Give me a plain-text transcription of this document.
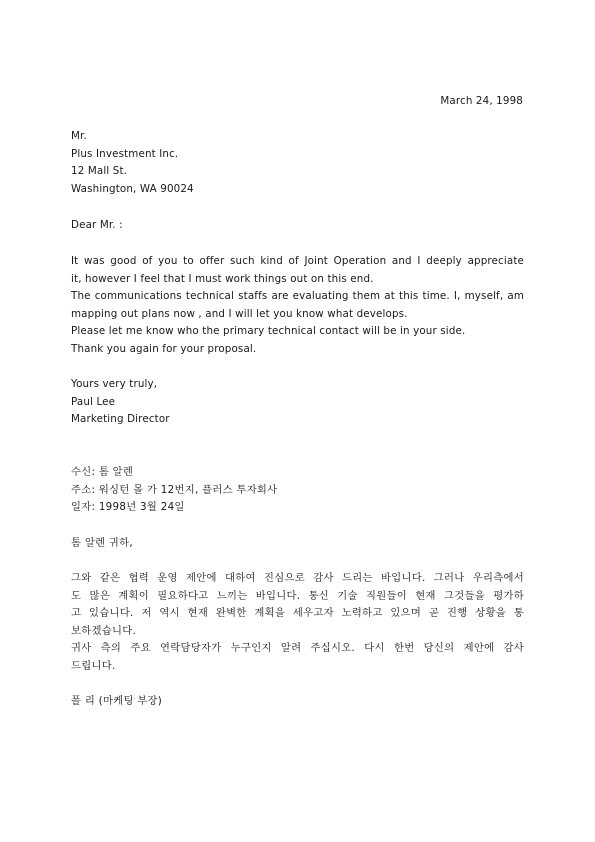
March 24, 1998
Mr.
Plus Investment Inc.
12 Mall St.
Washington, WA 90024
Dear Mr. :
It was good of you to offer such kind of Joint Operation and I deeply appreciate
it, however I feel that I must work things out on this end.
The communications technical staffs are evaluating them at this time. I, myself, am
mapping out plans now , and I will let you know what develops.
Please let me know who the primary technical contact will be in your side.
Thank you again for your proposal.
Yours very truly,
Paul Lee
Marketing Director
수신: 톰 알렌
주소: 워싱턴 몰 가 12번지, 플러스 투자회사
일자: 1998년 3월 24일
톰 알렌 귀하,
그와 같은 협력 운영 제안에 대하여 진심으로 감사 드리는 바입니다. 그러나 우리측에서
도 많은 계획이 필요하다고 느끼는 바입니다. 통신 기술 직원들이 현재 그것들을 평가하
고 있습니다. 저 역시 현재 완벽한 계획을 세우고자 노력하고 있으며 곧 진행 상황을 통
보하겠습니다.
귀사 측의 주요 연락담당자가 누구인지 알려 주십시오. 다시 한번 당신의 제안에 감사
드립니다.
폴 리 (마케팅 부장)
